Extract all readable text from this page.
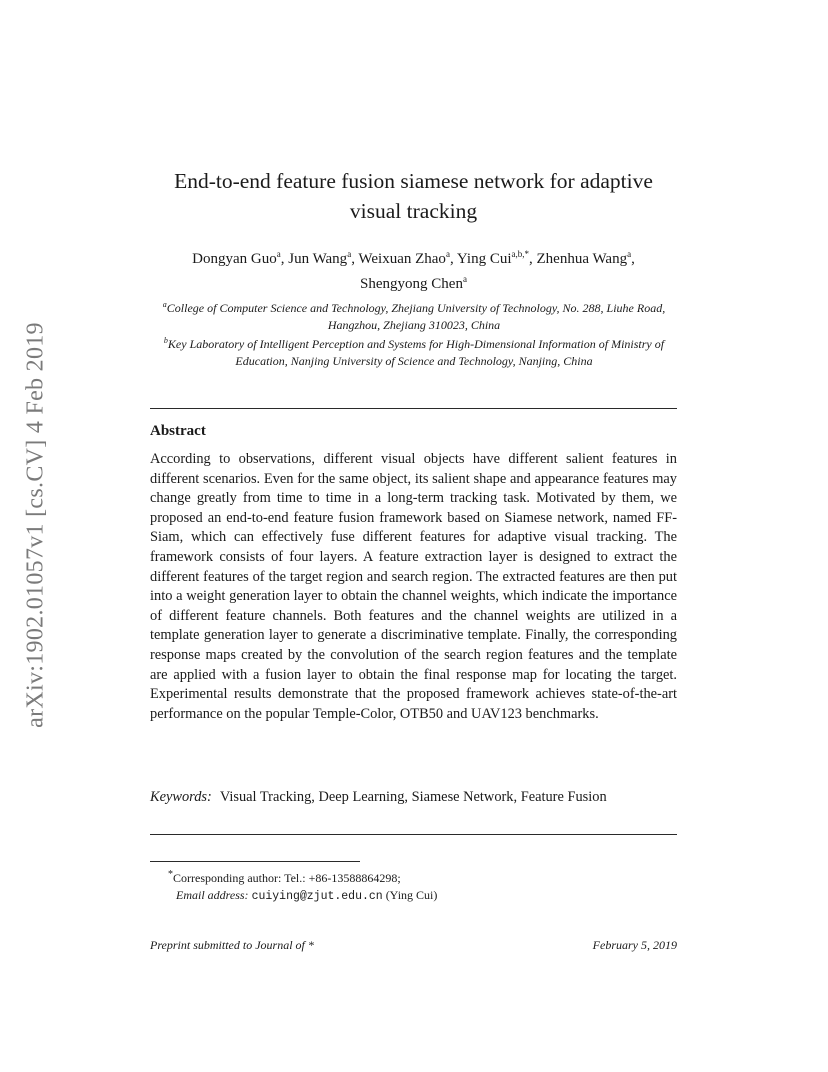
arXiv:1902.01057v1 [cs.CV] 4 Feb 2019
End-to-end feature fusion siamese network for adaptive visual tracking
Dongyan Guo$^a$, Jun Wang$^a$, Weixuan Zhao$^a$, Ying Cui$^{a,b,*}$, Zhenhua Wang$^a$,
Shengyong Chen$^a$
$^a$College of Computer Science and Technology, Zhejiang University of Technology, No. 288, Liuhe Road, Hangzhou, Zhejiang 310023, China
$^b$Key Laboratory of Intelligent Perception and Systems for High-Dimensional Information of Ministry of Education, Nanjing University of Science and Technology, Nanjing, China
Abstract
According to observations, different visual objects have different salient features in different scenarios. Even for the same object, its salient shape and appearance features may change greatly from time to time in a long-term tracking task. Motivated by them, we proposed an end-to-end feature fusion framework based on Siamese network, named FF-Siam, which can effectively fuse different features for adaptive visual tracking. The framework consists of four layers. A feature extraction layer is designed to extract the different features of the target region and search region. The extracted features are then put into a weight generation layer to obtain the channel weights, which indicate the importance of different feature channels. Both features and the channel weights are utilized in a template generation layer to generate a discriminative template. Finally, the corresponding response maps created by the convolution of the search region features and the template are applied with a fusion layer to obtain the final response map for locating the target. Experimental results demonstrate that the proposed framework achieves state-of-the-art performance on the popular Temple-Color, OTB50 and UAV123 benchmarks.
Keywords: Visual Tracking, Deep Learning, Siamese Network, Feature Fusion
*Corresponding author: Tel.: +86-13588864298;
Email address: cuiying@zjut.edu.cn (Ying Cui)
Preprint submitted to Journal of *	February 5, 2019
